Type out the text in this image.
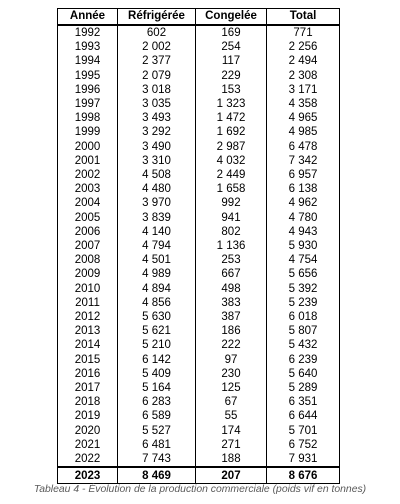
Année	Réfrigérée	Congelée	Total
1992	602	169	771
1993	2 002	254	2 256
1994	2 377	117	2 494
1995	2 079	229	2 308
1996	3 018	153	3 171
1997	3 035	1 323	4 358
1998	3 493	1 472	4 965
1999	3 292	1 692	4 985
2000	3 490	2 987	6 478
2001	3 310	4 032	7 342
2002	4 508	2 449	6 957
2003	4 480	1 658	6 138
2004	3 970	992	4 962
2005	3 839	941	4 780
2006	4 140	802	4 943
2007	4 794	1 136	5 930
2008	4 501	253	4 754
2009	4 989	667	5 656
2010	4 894	498	5 392
2011	4 856	383	5 239
2012	5 630	387	6 018
2013	5 621	186	5 807
2014	5 210	222	5 432
2015	6 142	97	6 239
2016	5 409	230	5 640
2017	5 164	125	5 289
2018	6 283	67	6 351
2019	6 589	55	6 644
2020	5 527	174	5 701
2021	6 481	271	6 752
2022	7 743	188	7 931
2023	8 469	207	8 676
Tableau 4 - Évolution de la production commerciale (poids vif en tonnes)
